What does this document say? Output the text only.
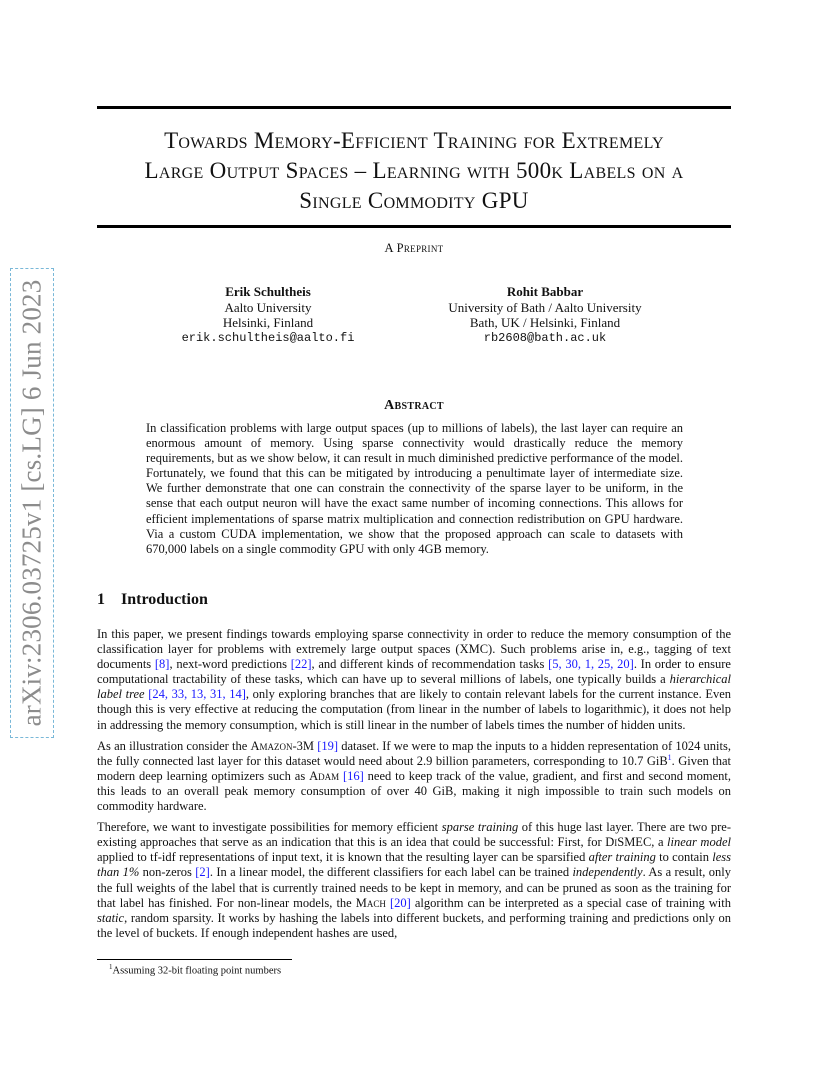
arXiv:2306.03725v1 [cs.LG] 6 Jun 2023
Towards Memory-Efficient Training for Extremely
Large Output Spaces – Learning with 500k Labels on a
Single Commodity GPU
A Preprint
Erik Schultheis
Aalto University
Helsinki, Finland
erik.schultheis@aalto.fi
Rohit Babbar
University of Bath / Aalto University
Bath, UK / Helsinki, Finland
rb2608@bath.ac.uk
Abstract
In classification problems with large output spaces (up to millions of labels), the last layer can require an enormous amount of memory. Using sparse connectivity would drastically reduce the memory requirements, but as we show below, it can result in much diminished predictive performance of the model. Fortunately, we found that this can be mitigated by introducing a penultimate layer of intermediate size. We further demonstrate that one can constrain the connectivity of the sparse layer to be uniform, in the sense that each output neuron will have the exact same number of incoming connections. This allows for efficient implementations of sparse matrix multiplication and connection redistribution on GPU hardware. Via a custom CUDA implementation, we show that the proposed approach can scale to datasets with 670,000 labels on a single commodity GPU with only 4GB memory.
1 Introduction

In this paper, we present findings towards employing sparse connectivity in order to reduce the memory consumption of the classification layer for problems with extremely large output spaces (XMC). Such problems arise in, e.g., tagging of text documents [8], next-word predictions [22], and different kinds of recommendation tasks [5, 30, 1, 25, 20]. In order to ensure computational tractability of these tasks, which can have up to several millions of labels, one typically builds a hierarchical label tree [24, 33, 13, 31, 14], only exploring branches that are likely to contain relevant labels for the current instance. Even though this is very effective at reducing the computation (from linear in the number of labels to logarithmic), it does not help in addressing the memory consumption, which is still linear in the number of labels times the number of hidden units.

As an illustration consider the Amazon-3M [19] dataset. If we were to map the inputs to a hidden representation of 1024 units, the fully connected last layer for this dataset would need about 2.9 billion parameters, corresponding to 10.7 GiB$^1$. Given that modern deep learning optimizers such as Adam [16] need to keep track of the value, gradient, and first and second moment, this leads to an overall peak memory consumption of over 40 GiB, making it nigh impossible to train such models on commodity hardware.

Therefore, we want to investigate possibilities for memory efficient sparse training of this huge last layer. There are two pre-existing approaches that serve as an indication that this is an idea that could be successful: First, for DiSMEC, a linear model applied to tf-idf representations of input text, it is known that the resulting layer can be sparsified after training to contain less than 1% non-zeros [2]. In a linear model, the different classifiers for each label can be trained independently. As a result, only the full weights of the label that is currently trained needs to be kept in memory, and can be pruned as soon as the training for that label has finished. For non-linear models, the Mach [20] algorithm can be interpreted as a special case of training with static, random sparsity. It works by hashing the labels into different buckets, and performing training and predictions only on the level of buckets. If enough independent hashes are used,

$^1$Assuming 32-bit floating point numbers
